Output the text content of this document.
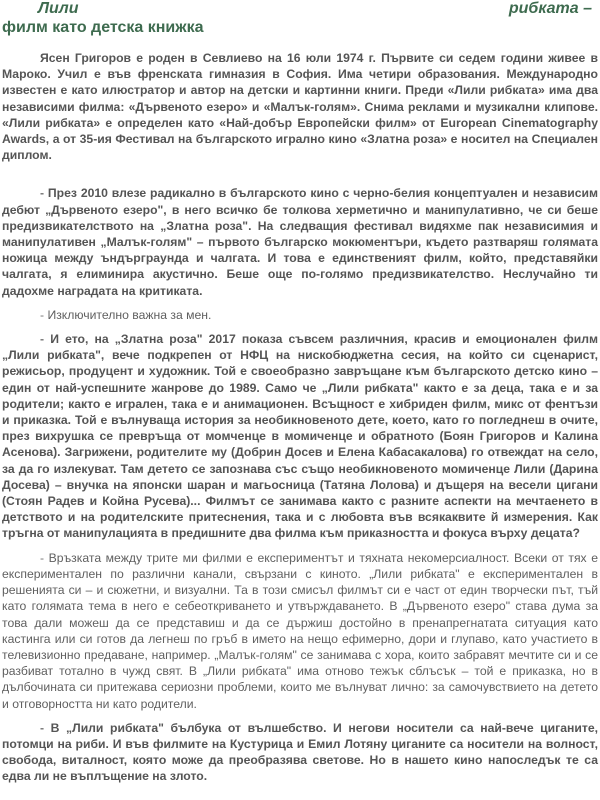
Лили	рибката –
филм като детска книжка

Ясен Григоров е роден в Севлиево на 16 юли 1974 г. Първите си седем години живее в Мароко. Учил е във френската гимназия в София. Има четири образования. Международно известен е като илюстратор и автор на детски и картинни книги. Преди «Лили рибката» има два независими филма: «Дървеното езеро» и «Малък-голям». Снима реклами и музикални клипове. «Лили рибката» е определен като «Най-добър Европейски филм» от European Cinematography Awards, а от 35-ия Фестивал на българското игрално кино «Златна роза» е носител на Специален диплом.

- През 2010 влезе радикално в българското кино с черно-белия концептуален и независим дебют „Дървеното езеро", в него всичко бе толкова херметично и манипулативно, че си беше предизвикателството на „Златна роза". На следващия фестивал видяхме пак независимия и манипулативен „Малък-голям" – първото българско мокюментъри, където разтваряш голямата ножица между ъндърграунда и чалгата. И това е единственият филм, който, представяйки чалгата, я елиминира акустично. Беше още по-голямо предизвикателство. Неслучайно ти дадохме наградата на критиката.

- Изключително важна за мен.

- И ето, на „Златна роза" 2017 показа съвсем различния, красив и емоционален филм „Лили рибката", вече подкрепен от НФЦ на нискобюджетна сесия, на който си сценарист, режисьор, продуцент и художник. Той е своеобразно завръщане към българското детско кино – един от най-успешните жанрове до 1989. Само че „Лили рибката" както е за деца, така е и за родители; както е игрален, така е и анимационен. Всъщност е хибриден филм, микс от фентъзи и приказка. Той е вълнуваща история за необикновеното дете, което, като го погледнеш в очите, през вихрушка се превръща от момченце в момиченце и обратното (Боян Григоров и Калина Асенова). Загрижени, родителите му (Добрин Досев и Елена Кабасакалова) го отвеждат на село, за да го излекуват. Там детето се запознава със също необикновеното момиченце Лили (Дарина Досева) – внучка на японски шаран и магьосница (Татяна Лолова) и дъщеря на весели цигани (Стоян Радев и Койна Русева)... Филмът се занимава както с разните аспекти на мечтаенето в детството и на родителските притеснения, така и с любовта във всякаквите й измерения. Как тръгна от манипулацията в предишните два филма към приказността и фокуса върху децата?

- Връзката между трите ми филми е експериментът и тяхната некомерсиалност. Всеки от тях е експериментален по различни канали, свързани с киното. „Лили рибката" е експериментален в решенията си – и сюжетни, и визуални. Та в този смисъл филмът си е част от един творчески път, тъй като голямата тема в него е себеоткриването и утвърждаването. В „Дървеното езеро" става дума за това дали можеш да се представиш и да се държиш достойно в пренапрегнатата ситуация като кастинга или си готов да легнеш по гръб в името на нещо ефимерно, дори и глупаво, като участието в телевизионно предаване, например. „Малък-голям" се занимава с хора, които забравят мечтите си и се разбиват тотално в чужд свят. В „Лили рибката" има отново тежък сблъсък – той е приказка, но в дълбочината си притежава сериозни проблеми, които ме вълнуват лично: за самочувствието на детето и отговорността ни като родители.

- В „Лили рибката" бълбука от вълшебство. И негови носители са най-вече циганите, потомци на риби. И във филмите на Кустурица и Емил Лотяну циганите са носители на волност, свобода, виталност, която може да преобразява светове. Но в нашето кино напоследък те са едва ли не въплъщение на злото.
